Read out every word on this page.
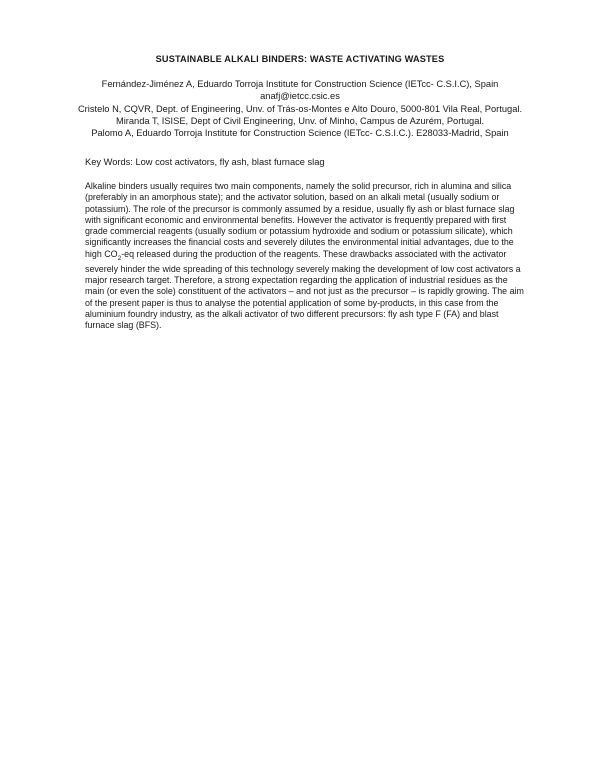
SUSTAINABLE ALKALI BINDERS: WASTE ACTIVATING WASTES
Fernández-Jiménez A, Eduardo Torroja Institute for Construction Science (IETcc- C.S.I.C), Spain
anafj@ietcc.csic.es
Cristelo N, CQVR, Dept. of Engineering, Unv. of Trás-os-Montes e Alto Douro, 5000-801 Vila Real, Portugal.
Miranda T, ISISE, Dept of Civil Engineering, Unv. of Minho, Campus de Azurém, Portugal.
Palomo A, Eduardo Torroja Institute for Construction Science (IETcc- C.S.I.C.). E28033-Madrid, Spain
Key Words: Low cost activators, fly ash, blast furnace slag
Alkaline binders usually requires two main components, namely the solid precursor, rich in alumina and silica
(preferably in an amorphous state); and the activator solution, based on an alkali metal (usually sodium or
potassium). The role of the precursor is commonly assumed by a residue, usually fly ash or blast furnace slag
with significant economic and environmental benefits. However the activator is frequently prepared with first
grade commercial reagents (usually sodium or potassium hydroxide and sodium or potassium silicate), which
significantly increases the financial costs and severely dilutes the environmental initial advantages, due to the
high $CO_2-eq$ released during the production of the reagents. These drawbacks associated with the activator
severely hinder the wide spreading of this technology severely making the development of low cost activators a
major research target. Therefore, a strong expectation regarding the application of industrial residues as the
main (or even the sole) constituent of the activators – and not just as the precursor – is rapidly growing. The aim
of the present paper is thus to analyse the potential application of some by-products, in this case from the
aluminium foundry industry, as the alkali activator of two different precursors: fly ash type F (FA) and blast
furnace slag (BFS).
